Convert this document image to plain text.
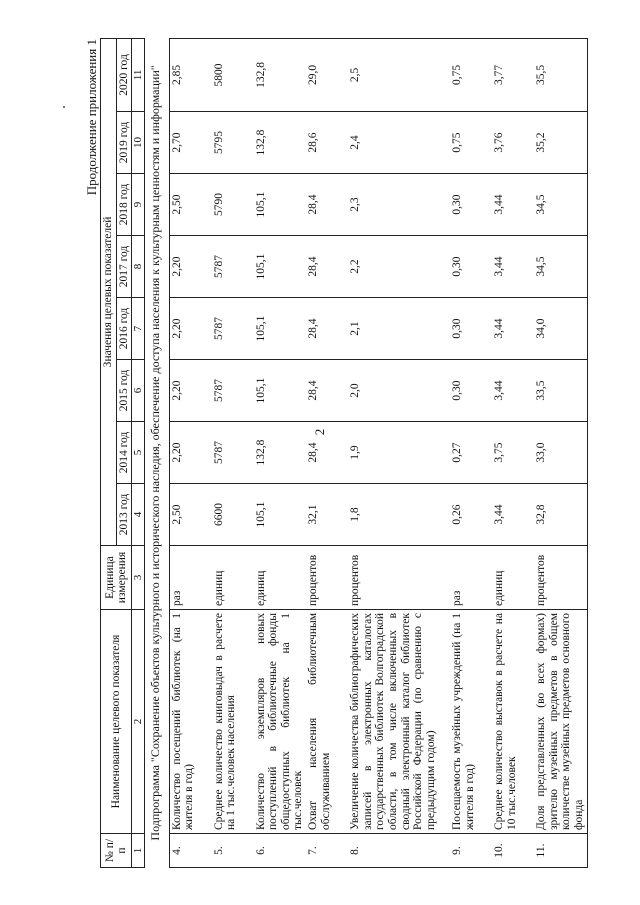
2
Продолжение приложения 1
№ п/п	Наименование целевого показателя	Единица измерения	Значения целевых показателей							
			2013 год	2014 год	2015 год	2016 год	2017 год	2018 год	2019 год	2020 год
1	2	3	4	5	6	7	8	9	10	11
Подпрограмма "Сохранение объектов культурного и исторического наследия, обеспечение доступа населения к культурным ценностям и информации"										
4.	Количество посещений библиотек (на 1 жителя в год)	раз	2,50	2,20	2,20	2,20	2,20	2,50	2,70	2,85
5.	Среднее количество книговыдач в расчете на 1 тыс.человек населения	единиц	6600	5787	5787	5787	5787	5790	5795	5800
6.	Количество экземпляров новых поступлений в библиотечные фонды общедоступных библиотек на 1 тыс.человек	единиц	105,1	132,8	105,1	105,1	105,1	105,1	132,8	132,8
7.	Охват населения библиотечным обслуживанием	процентов	32,1	28,4	28,4	28,4	28,4	28,4	28,6	29,0
8.	Увеличение количества библиографических записей в электронных каталогах государственных библиотек Волгоградской области, в том числе включенных в сводный электронный каталог библиотек Российской Федерации (по сравнению с предыдущим годом)	процентов	1,8	1,9	2,0	2,1	2,2	2,3	2,4	2,5
9.	Посещаемость музейных учреждений (на 1 жителя в год)	раз	0,26	0,27	0,30	0,30	0,30	0,30	0,75	0,75
10.	Среднее количество выставок в расчете на 10 тыс.человек	единиц	3,44	3,75	3,44	3,44	3,44	3,44	3,76	3,77
11.	Доля представленных (во всех формах) зрителю музейных предметов в общем количестве музейных предметов основного фонда	процентов	32,8	33,0	33,5	34,0	34,5	34,5	35,2	35,5
